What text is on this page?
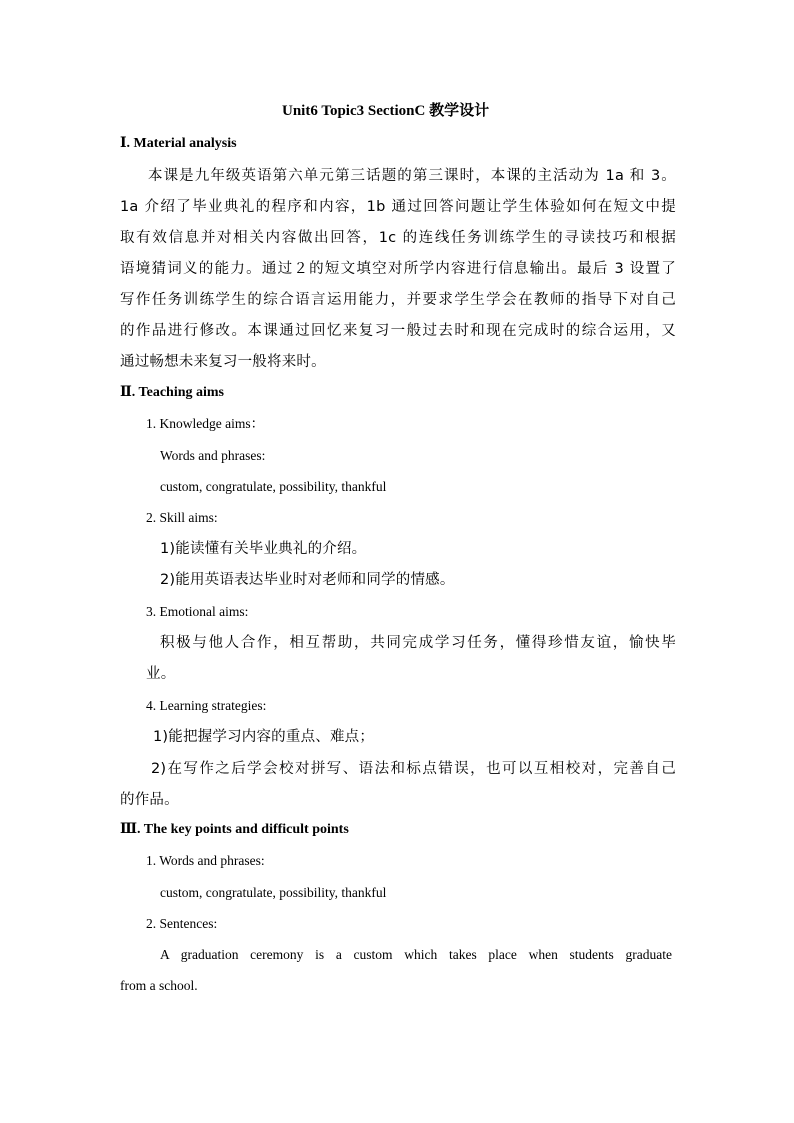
Unit6 Topic3 SectionC 教学设计
Ⅰ. Material analysis
本课是九年级英语第六单元第三话题的第三课时，本课的主活动为 1a 和 3。
1a 介绍了毕业典礼的程序和内容，1b 通过回答问题让学生体验如何在短文中提
取有效信息并对相关内容做出回答，1c 的连线任务训练学生的寻读技巧和根据
语境猜词义的能力。通过２的短文填空对所学内容进行信息输出。最后 3 设置了
写作任务训练学生的综合语言运用能力，并要求学生学会在教师的指导下对自己
的作品进行修改。本课通过回忆来复习一般过去时和现在完成时的综合运用，又
通过畅想未来复习一般将来时。
Ⅱ. Teaching aims
1. Knowledge aims：
Words and phrases:
custom, congratulate, possibility, thankful
2. Skill aims:
1)能读懂有关毕业典礼的介绍。
2)能用英语表达毕业时对老师和同学的情感。
3. Emotional aims:
积极与他人合作，相互帮助，共同完成学习任务，懂得珍惜友谊，愉快毕
业。
4. Learning strategies:
1)能把握学习内容的重点、难点；
2)在写作之后学会校对拼写、语法和标点错误，也可以互相校对，完善自己
的作品。
Ⅲ. The key points and difficult points
1. Words and phrases:
custom, congratulate, possibility, thankful
2. Sentences:
A graduation ceremony is a custom which takes place when students graduate
from a school.
